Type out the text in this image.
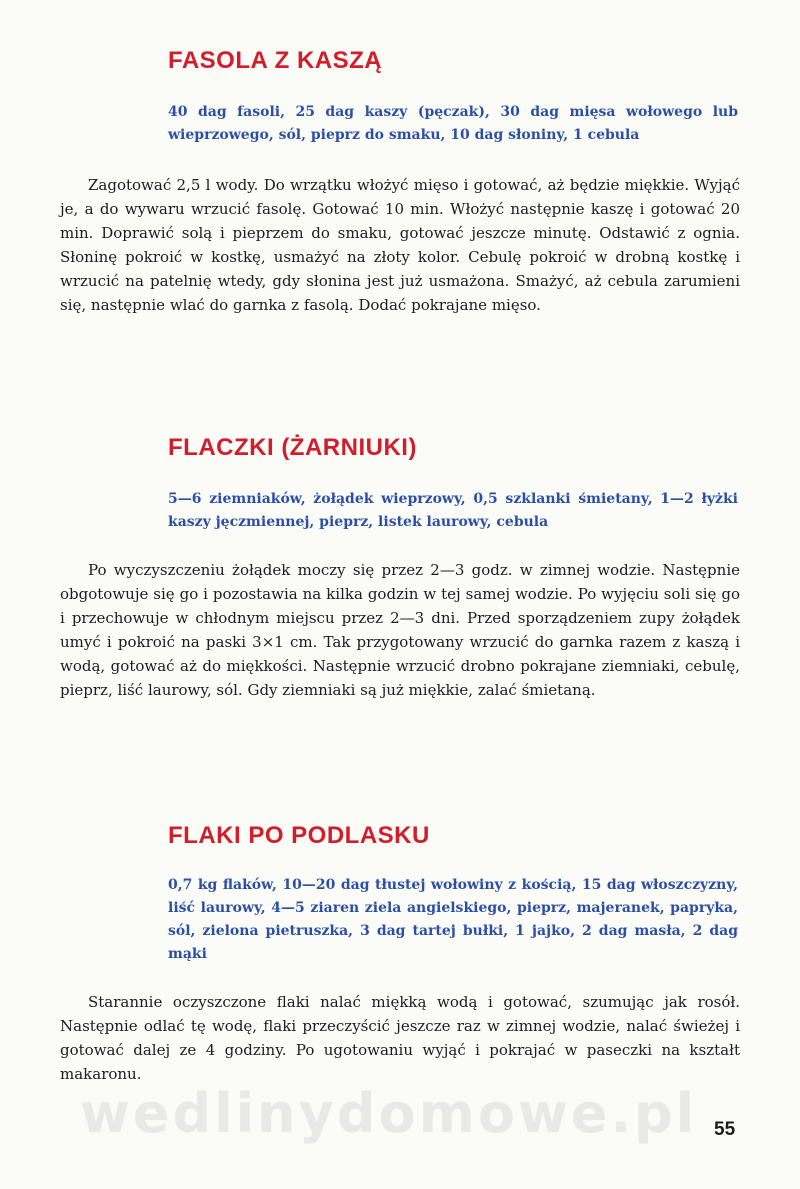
FASOLA Z KASZĄ

40 dag fasoli, 25 dag kaszy (pęczak), 30 dag mięsa wołowego lub wieprzowego, sól, pieprz do smaku, 10 dag słoniny, 1 cebula

Zagotować 2,5 l wody. Do wrzątku włożyć mięso i gotować, aż będzie miękkie. Wyjąć je, a do wywaru wrzucić fasolę. Gotować 10 min. Włożyć następnie kaszę i gotować 20 min. Doprawić solą i pieprzem do smaku, gotować jeszcze minutę. Odstawić z ognia. Słoninę pokroić w kostkę, usmażyć na złoty kolor. Cebulę pokroić w drobną kostkę i wrzucić na patelnię wtedy, gdy słonina jest już usmażona. Smażyć, aż cebula zarumieni się, następnie wlać do garnka z fasolą. Dodać pokrajane mięso.

FLACZKI (ŻARNIUKI)

5—6 ziemniaków, żołądek wieprzowy, 0,5 szklanki śmietany, 1—2 łyżki kaszy jęczmiennej, pieprz, listek laurowy, cebula

Po wyczyszczeniu żołądek moczy się przez 2—3 godz. w zimnej wodzie. Następnie obgotowuje się go i pozostawia na kilka godzin w tej samej wodzie. Po wyjęciu soli się go i przechowuje w chłodnym miejscu przez 2—3 dni. Przed sporządzeniem zupy żołądek umyć i pokroić na paski 3×1 cm. Tak przygotowany wrzucić do garnka razem z kaszą i wodą, gotować aż do miękkości. Następnie wrzucić drobno pokrajane ziemniaki, cebulę, pieprz, liść laurowy, sól. Gdy ziemniaki są już miękkie, zalać śmietaną.

FLAKI PO PODLASKU

0,7 kg flaków, 10—20 dag tłustej wołowiny z kością, 15 dag włoszczyzny, liść laurowy, 4—5 ziaren ziela angielskiego, pieprz, majeranek, papryka, sól, zielona pietruszka, 3 dag tartej bułki, 1 jajko, 2 dag masła, 2 dag mąki

Starannie oczyszczone flaki nalać miękką wodą i gotować, szumując jak rosół. Następnie odlać tę wodę, flaki przeczyścić jeszcze raz w zimnej wodzie, nalać świeżej i gotować dalej ze 4 godziny. Po ugotowaniu wyjąć i pokrajać w paseczki na kształt makaronu.

wedlinydomowe.pl 55
